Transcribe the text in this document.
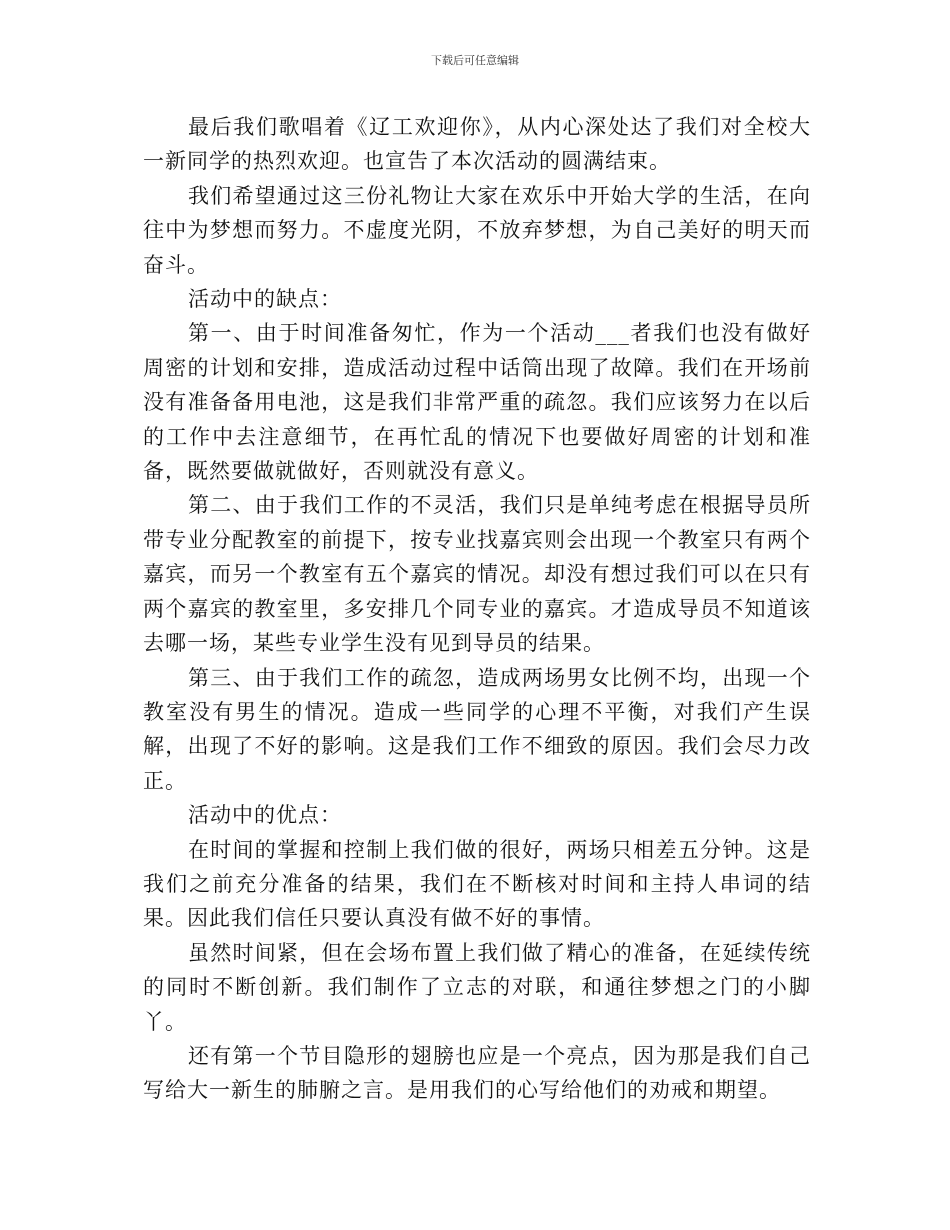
下载后可任意编辑

最后我们歌唱着《辽工欢迎你》，从内心深处达了我们对全校大一新同学的热烈欢迎。也宣告了本次活动的圆满结束。

我们希望通过这三份礼物让大家在欢乐中开始大学的生活，在向往中为梦想而努力。不虚度光阴，不放弃梦想，为自己美好的明天而奋斗。

活动中的缺点：

第一、由于时间准备匆忙，作为一个活动___者我们也没有做好周密的计划和安排，造成活动过程中话筒出现了故障。我们在开场前没有准备备用电池，这是我们非常严重的疏忽。我们应该努力在以后的工作中去注意细节，在再忙乱的情况下也要做好周密的计划和准备，既然要做就做好，否则就没有意义。

第二、由于我们工作的不灵活，我们只是单纯考虑在根据导员所带专业分配教室的前提下，按专业找嘉宾则会出现一个教室只有两个嘉宾，而另一个教室有五个嘉宾的情况。却没有想过我们可以在只有两个嘉宾的教室里，多安排几个同专业的嘉宾。才造成导员不知道该去哪一场，某些专业学生没有见到导员的结果。

第三、由于我们工作的疏忽，造成两场男女比例不均，出现一个教室没有男生的情况。造成一些同学的心理不平衡，对我们产生误解，出现了不好的影响。这是我们工作不细致的原因。我们会尽力改正。

活动中的优点：

在时间的掌握和控制上我们做的很好，两场只相差五分钟。这是我们之前充分准备的结果，我们在不断核对时间和主持人串词的结果。因此我们信任只要认真没有做不好的事情。

虽然时间紧，但在会场布置上我们做了精心的准备，在延续传统的同时不断创新。我们制作了立志的对联，和通往梦想之门的小脚丫。

还有第一个节目隐形的翅膀也应是一个亮点，因为那是我们自己写给大一新生的肺腑之言。是用我们的心写给他们的劝戒和期望。
